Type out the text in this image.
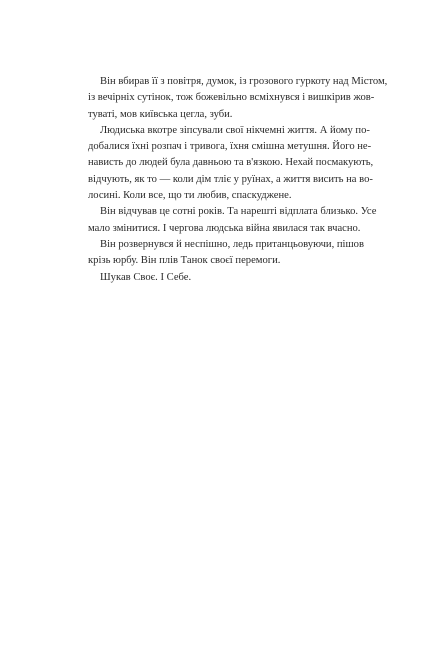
Він вбирав її з повітря, думок, із грозового гуркоту над Містом,
із вечірніх сутінок, тож божевільно всміхнувся і вишкірив жов-
туваті, мов київська цегла, зуби.
Людиська вкотре зіпсували свої нікчемні життя. А йому по-
добалися їхні розпач і тривога, їхня смішна метушня. Його не-
нависть до людей була давньою та в'язкою. Нехай посмакують,
відчують, як то — коли дім тліє у руїнах, а життя висить на во-
лосині. Коли все, що ти любив, спаскуджене.
Він відчував це сотні років. Та нарешті відплата близько. Усе
мало змінитися. І чергова людська війна явилася так вчасно.
Він розвернувся й неспішно, ледь пританцьовуючи, пішов
крізь юрбу. Він плів Танок своєї перемоги.
Шукав Своє. І Себе.
